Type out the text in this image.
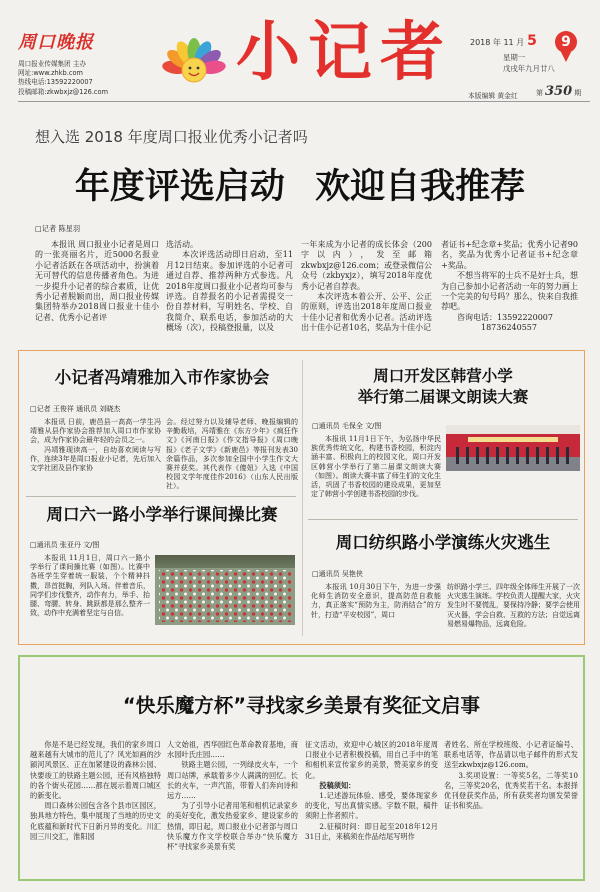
周口晚报
周口报业传媒集团 主办
网址:www.zhkb.com
热线电话:13592220007
投稿邮箱:zkwbxjz@126.com
小记者 2018 年 11 月 5	9
星期一
戊戌年九月廿八
本版编辑 黄金红	第 350 期
想入选 2018 年度周口报业优秀小记者吗
年度评选启动 欢迎自我推荐
□记者 陈星羽

本报讯 周口报业小记者是周口的一张亮丽名片，近5000名报业小记者活跃在各项活动中，扮演着无可替代的信息传播者角色。为进一步提升小记者的综合素质，让优秀小记者脱颖而出，周口报业传媒集团特举办2018周口报业十佳小记者、优秀小记者评

选活动。

本次评选活动即日启动，至11月12日结束。参加评选的小记者可通过自荐、推荐两种方式参选。凡2018年度周口报业小记者均可参与评选。自荐报名的小记者需提交一份自荐材料，写明姓名、学校、自我简介、联系电话，参加活动的大概场（次），投稿登报量，以及

一年来成为小记者的成长体会（200字以内），发至邮箱zkwbxjz@126.com；或登录微信公众号（zkbyxjz），填写2018年度优秀小记者自荐表。

本次评选本着公开、公平、公正的原则，评选出2018年度周口报业十佳小记者和优秀小记者。活动评选出十佳小记者10名，奖品为十佳小记

者证书+纪念章+奖品；优秀小记者90名，奖品为优秀小记者证书+纪念章+奖品。

不想当将军的士兵不是好士兵，想为自己参加小记者活动一年的努力画上一个完美的句号吗？那么，快来自我推荐吧。

咨询电话：13592220007

18736240557

小记者冯靖雅加入市作家协会
□记者 王俊祥 通讯员 刘晓杰

本报讯 日前，鹿邑县一高高一学生冯靖雅从县作家协会推荐加入周口市作家协会，成为作家协会最年轻的会员之一。

冯靖雅现读高一，自幼喜欢阅读与写作，连续3年是周口报业小记者，先后加入文学社团及县作家协

会。经过努力以及辅导老师、晚报编辑的辛勤栽培，冯靖雅在《东方少年》《疯狂作文》《河南日报》《作文指导报》《周口晚报》《老子文学》《新鹿邑》等报刊发表30余篇作品，多次参加全国中小学生作文大赛并获奖。其代表作《傻妞》入选《中国校园文学年度佳作2016》（山东人民出版社）。

周口六一路小学举行课间操比赛
□通讯员 张亚丹 文/图

本报讯 11月1日，周口六一路小学举行了课间操比赛（如图）。比赛中各班学生穿着统一服装，个个精神抖擞，昂首挺胸，列队入场。伴着音乐，同学们步伐整齐，动作有力，举手、抬腿、弯腰、转身、跳跃都是那么整齐一致，动作中充满着坚定与自信。

周口开发区韩营小学
举行第二届课文朗读大赛
□通讯员 毛保全 文/图

本报讯 11月1日下午，为弘扬中华民族优秀传统文化，构建书香校园，积淀内涵丰富、积极向上的校园文化，周口开发区韩营小学举行了第二届课文朗读大赛（如图）。朗读大赛丰富了师生们的文化生活，巩固了书香校园的建设成果，更加坚定了韩营小学创建书香校园的步伐。

周口纺织路小学演练火灾逃生
□通讯员 吴艳侠

本报讯 10月30日下午，为进一步强化师生消防安全意识，提高防范自救能力，真正落实“预防为主，防消结合”的方针，打造“平安校园”，周口

纺织路小学三、四年级全体师生开展了一次火灾逃生演练。学校负责人提醒大家，火灾发生时不要慌乱，要保持冷静；要学会使用灭火器，学会自救、互救的方法；自觉远离易燃易爆物品，远离危险。

“快乐魔方杯”寻找家乡美景有奖征文启事

你是不是已经发现，我们的家乡周口越来越有大城市的范儿了？风光如画的沙颍河风景区、正在加紧建设的森林公园、快要竣工的铁路主题公园，还有风格独特的各个街头花园……都在展示着周口城区的新变化。

周口森林公园包含各个县市区园区，独具地方特色，集中展现了当地的历史文化底蕴和新时代下日新月异的变化。川汇园三川交汇，淮阳园

人文始祖，西华园红色革命教育基地，商水园叶氏庄园……

铁路主题公园，一列绿皮火车，一个周口站牌，承载着多少人满满的回忆。长长的火车，一声汽笛，带着人们奔向诗和远方……

为了引导小记者用笔和相机记录家乡的美好变化，激发热爱家乡、建设家乡的热情，即日起，周口报业小记者部与周口快乐魔方作文学校联合举办“快乐魔方杯”寻找家乡美景有奖

征文活动，欢迎中心城区的2018年度周口报业小记者积极投稿，用自己手中的笔和相机来宣传家乡的美景，赞美家乡的变化。

投稿须知：

1.记述游玩体验、感受，要体现家乡的变化，写出真情实感。字数不限，稿件须附上作者照片。

2.征稿时间：即日起至2018年12月31日止，来稿须在作品结尾写明作

者姓名、所在学校班级、小记者证编号、联系电话等，作品请以电子邮件的形式发送至zkwbxjz@126.com。

3.奖项设置：一等奖5名，二等奖10名，三等奖20名，优秀奖若干名。本报择优刊登获奖作品，所有获奖者均颁发荣誉证书和奖品。
